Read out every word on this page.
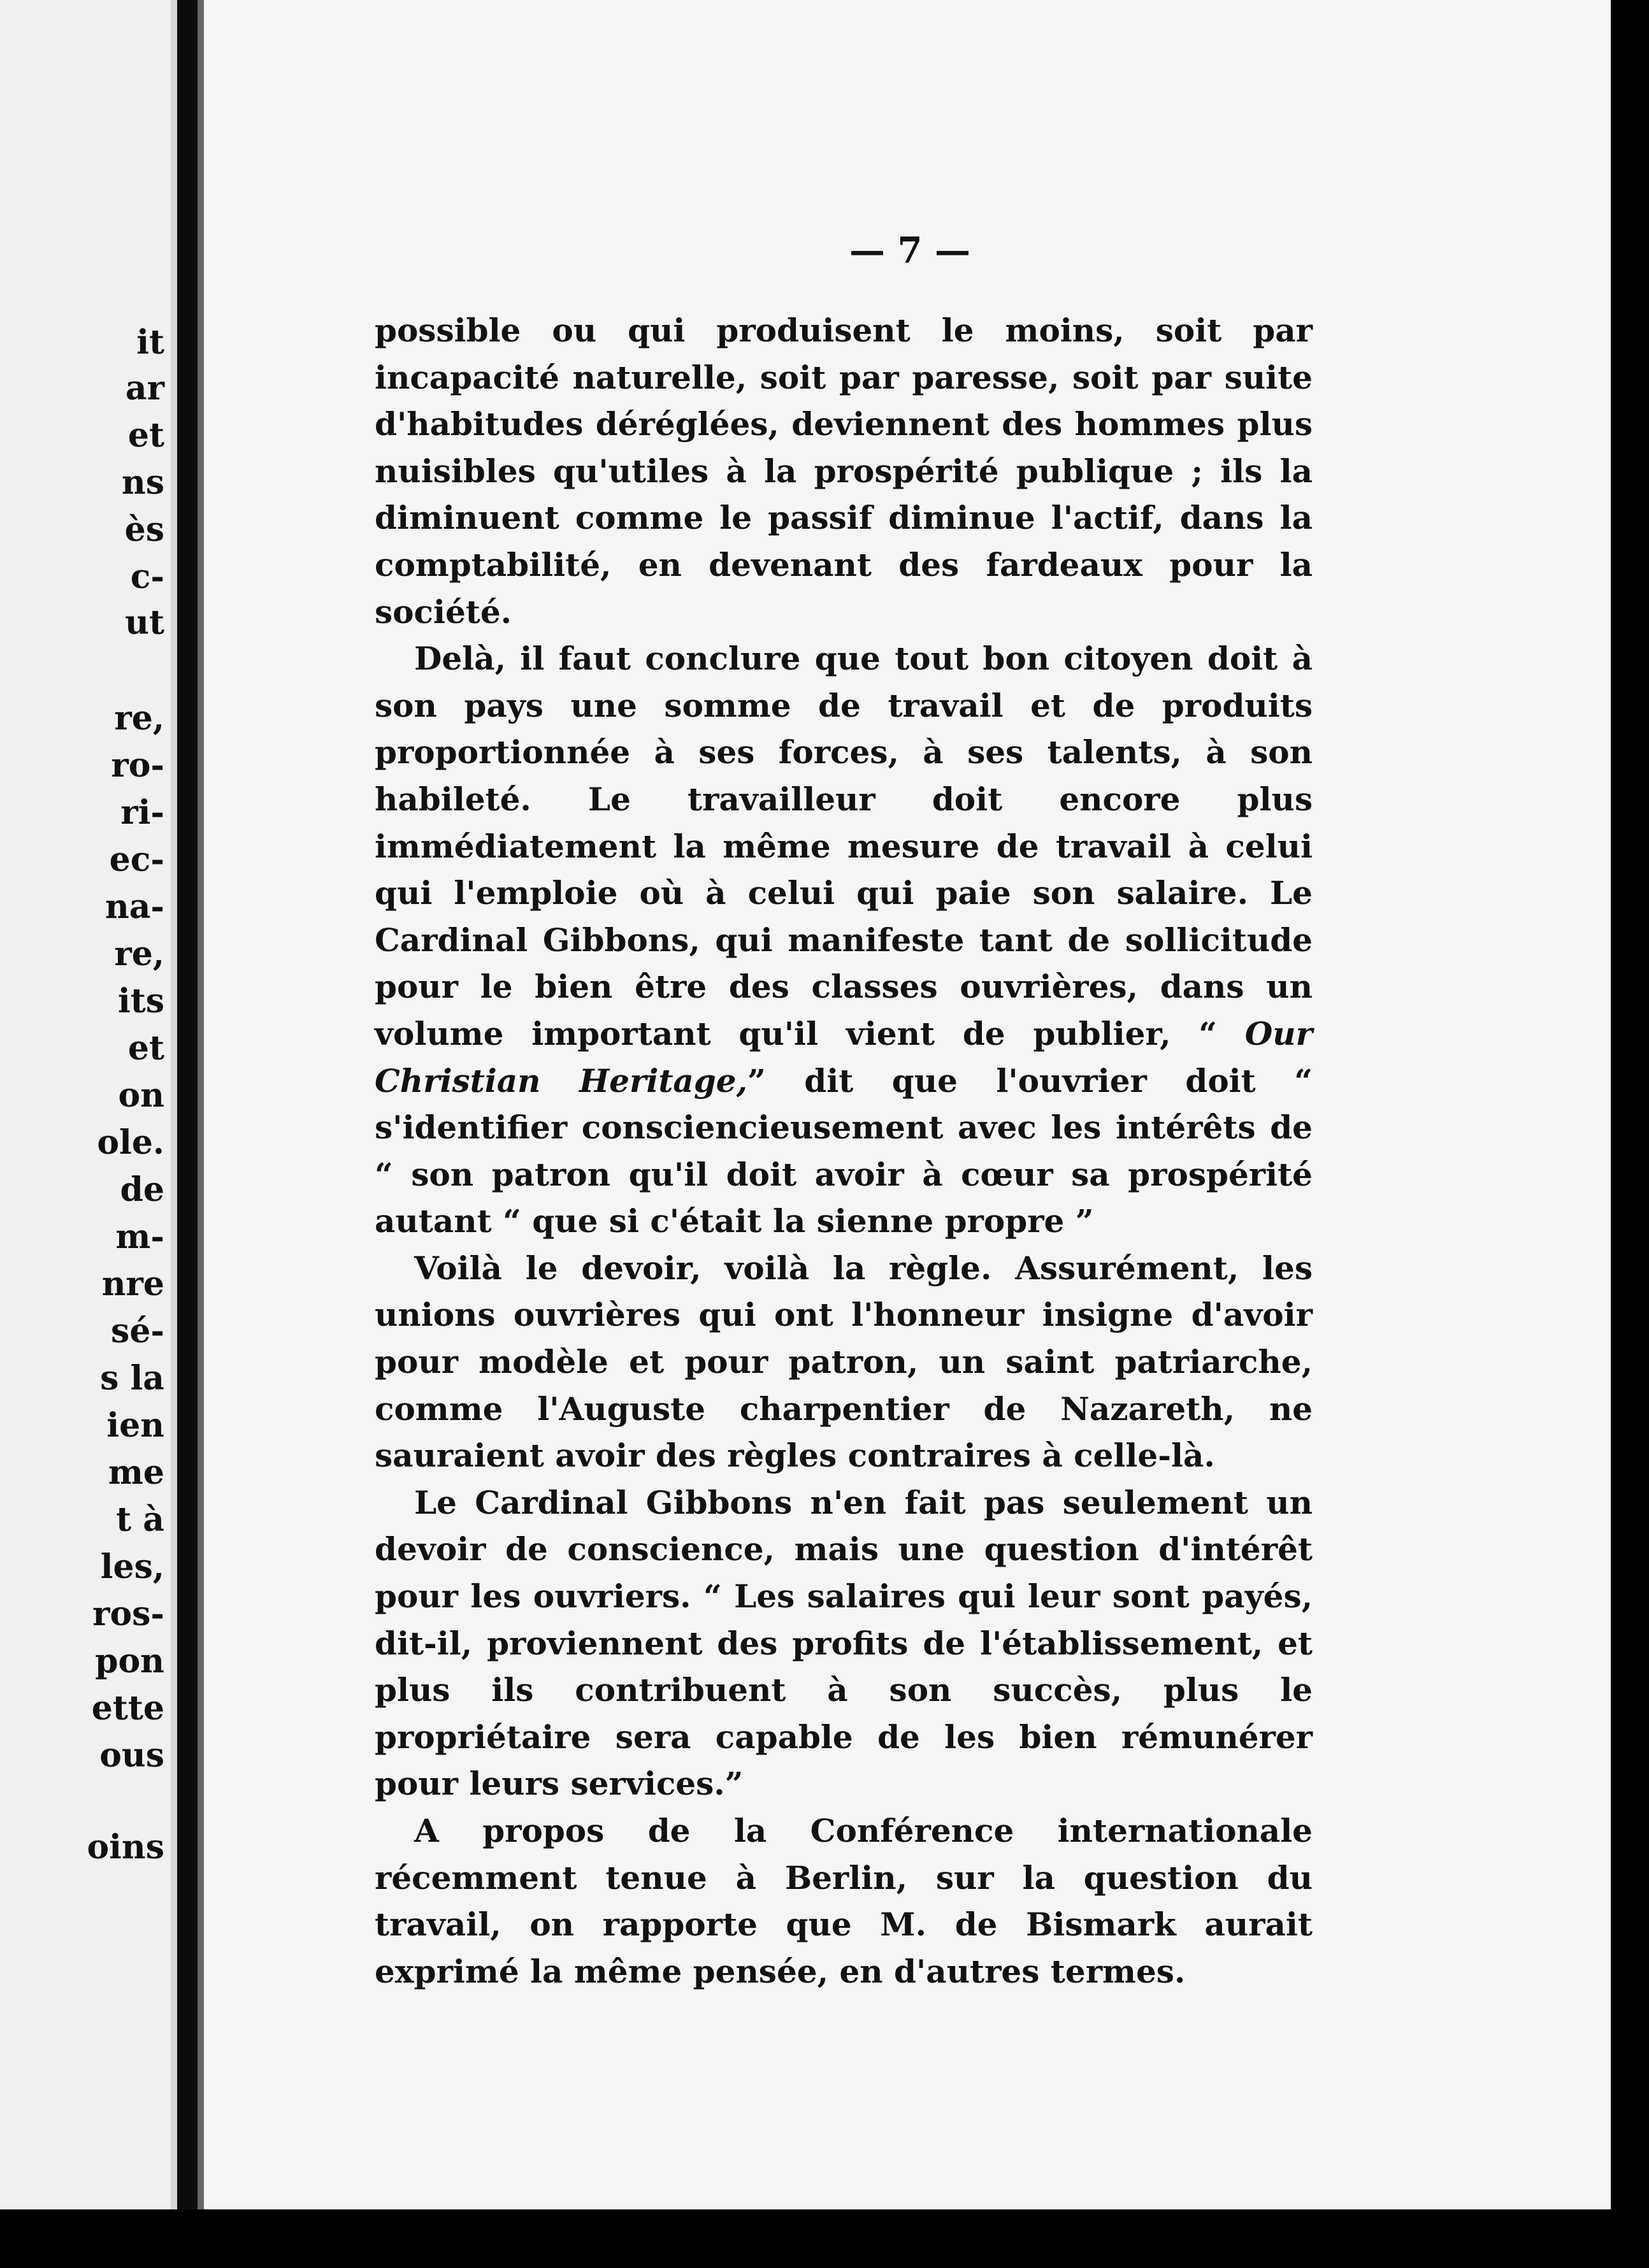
it
ar
et
ns
ès
c-
ut
re,
ro-
ri-
ec-
na-
re,
its
et
on
ole.
de
m-
nre
sé-
s la
ien
me
t à
les,
ros-
pon
ette
ous
oins
— 7 —

possible ou qui produisent le moins, soit par incapacité naturelle, soit par paresse, soit par suite d'habitudes déréglées, deviennent des hommes plus nuisibles qu'utiles à la prospérité publique ; ils la diminuent comme le passif diminue l'actif, dans la comptabilité, en devenant des fardeaux pour la société.

Delà, il faut conclure que tout bon citoyen doit à son pays une somme de travail et de produits proportionnée à ses forces, à ses talents, à son habileté. Le travailleur doit encore plus immédiatement la même mesure de travail à celui qui l'emploie où à celui qui paie son salaire. Le Cardinal Gibbons, qui manifeste tant de sollicitude pour le bien être des classes ouvrières, dans un volume important qu'il vient de publier, “ Our Christian Heritage,” dit que l'ouvrier doit “ s'identifier consciencieusement avec les intérêts de “ son patron qu'il doit avoir à cœur sa prospérité autant “ que si c'était la sienne propre ”

Voilà le devoir, voilà la règle. Assurément, les unions ouvrières qui ont l'honneur insigne d'avoir pour modèle et pour patron, un saint patriarche, comme l'Auguste charpentier de Nazareth, ne sauraient avoir des règles contraires à celle-là.

Le Cardinal Gibbons n'en fait pas seulement un devoir de conscience, mais une question d'intérêt pour les ouvriers. “ Les salaires qui leur sont payés, dit-il, proviennent des profits de l'établissement, et plus ils contribuent à son succès, plus le propriétaire sera capable de les bien rémunérer pour leurs services.”

A propos de la Conférence internationale récemment tenue à Berlin, sur la question du travail, on rapporte que M. de Bismark aurait exprimé la même pensée, en d'autres termes.
